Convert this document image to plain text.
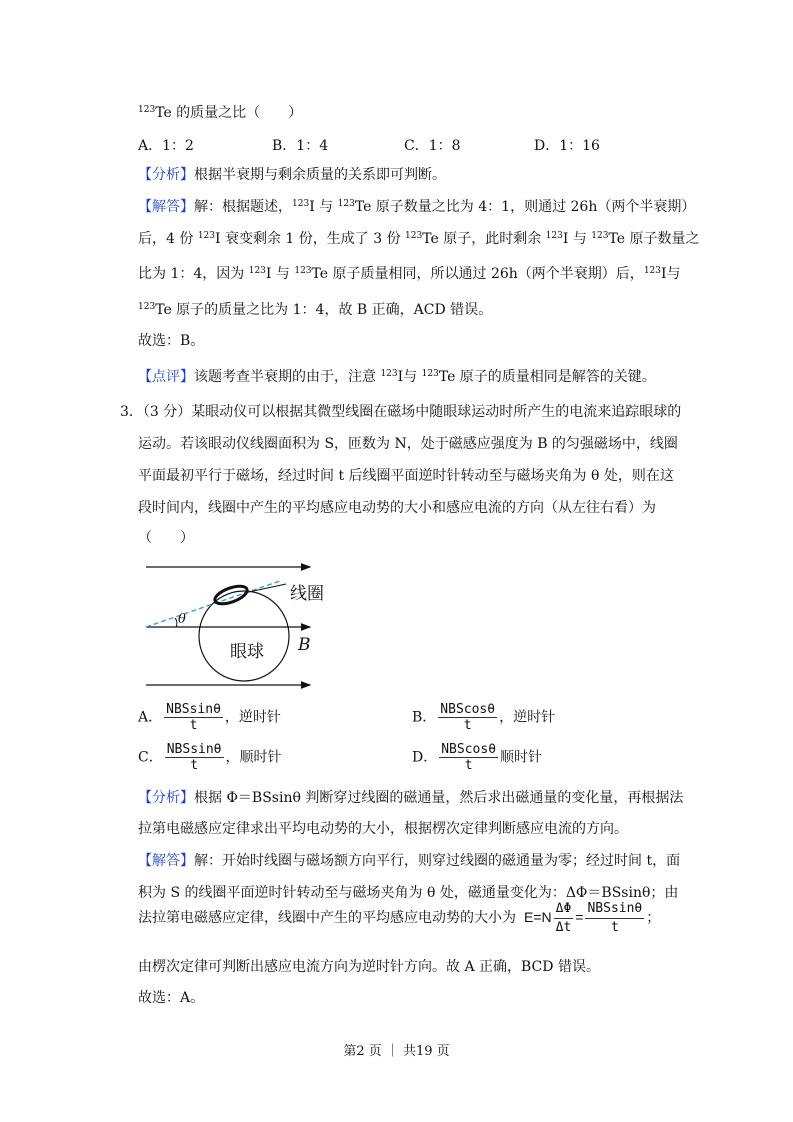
$^{123}$Te 的质量之比（　　）
A．1：2	B．1：4	C．1：8	D．1：16
【分析】根据半衰期与剩余质量的关系即可判断。
【解答】解：根据题述，$^{123}$I 与 $^{123}$Te 原子数量之比为 4：1，则通过 26h（两个半衰期）
后，4 份 $^{123}$I 衰变剩余 1 份，生成了 3 份 $^{123}$Te 原子，此时剩余 $^{123}$I 与 $^{123}$Te 原子数量之
比为 1：4，因为 $^{123}$I 与 $^{123}$Te 原子质量相同，所以通过 26h（两个半衰期）后，$^{123}$I与
$^{123}$Te 原子的质量之比为 1：4，故 B 正确，ACD 错误。
故选：B。
【点评】该题考查半衰期的由于，注意 $^{123}$I与 $^{123}$Te 原子的质量相同是解答的关键。
3．（3 分）某眼动仪可以根据其微型线圈在磁场中随眼球运动时所产生的电流来追踪眼球的
运动。若该眼动仪线圈面积为 S，匝数为 N，处于磁感应强度为 B 的匀强磁场中，线圈
平面最初平行于磁场，经过时间 t 后线圈平面逆时针转动至与磁场夹角为 θ 处，则在这
段时间内，线圈中产生的平均感应电动势的大小和感应电流的方向（从左往右看）为
（　　）
【分析】根据 Φ＝BSsinθ 判断穿过线圈的磁通量，然后求出磁通量的变化量，再根据法
拉第电磁感应定律求出平均电动势的大小，根据楞次定律判断感应电流的方向。
【解答】解：开始时线圈与磁场额方向平行，则穿过线圈的磁通量为零；经过时间 t，面
积为 S 的线圈平面逆时针转动至与磁场夹角为 θ 处，磁通量变化为：ΔΦ＝BSsinθ；由
由楞次定律可判断出感应电流方向为逆时针方向。故 A 正确，BCD 错误。
故选：A。
法拉第电磁感应定律，线圈中产生的平均感应电动势的大小为 $E=N \frac{\Delta\Phi}{\Delta t} = \frac{\text{NBSsinθ}}{t}$ ；
A． $\frac{\text{NBSsinθ}}{t}$ ，逆时针	B． $\frac{\text{NBScosθ}}{t}$ ，逆时针
C． $\frac{\text{NBSsinθ}}{t}$ ，顺时针	D． $\frac{\text{NBScosθ}}{t}$ 顺时针
线圈
眼球 B
θ
第2 页 ｜ 共19 页
